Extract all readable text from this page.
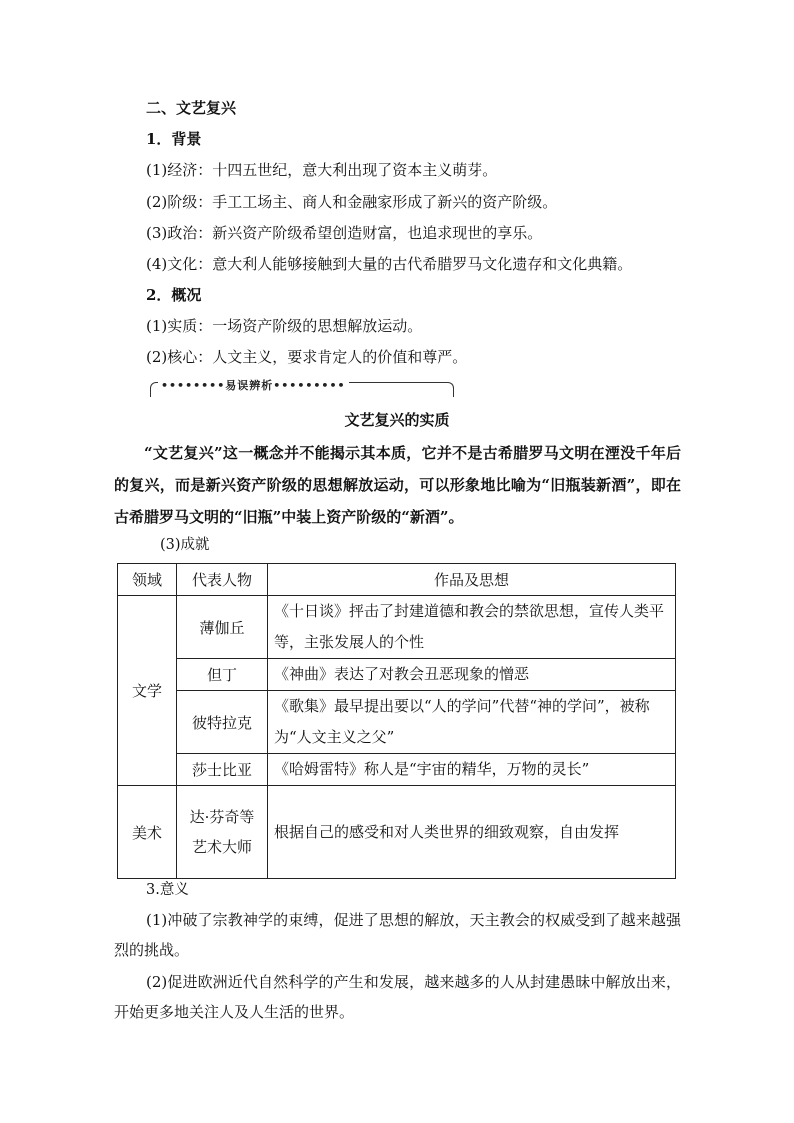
二、文艺复兴
1．背景
(1)经济：十四五世纪，意大利出现了资本主义萌芽。
(2)阶级：手工工场主、商人和金融家形成了新兴的资产阶级。
(3)政治：新兴资产阶级希望创造财富，也追求现世的享乐。
(4)文化：意大利人能够接触到大量的古代希腊罗马文化遗存和文化典籍。
2．概况
(1)实质：一场资产阶级的思想解放运动。
(2)核心：人文主义，要求肯定人的价值和尊严。
••••••••易误辨析•••••••••
文艺复兴的实质
“文艺复兴”这一概念并不能揭示其本质，它并不是古希腊罗马文明在湮没千年后的复兴，而是新兴资产阶级的思想解放运动，可以形象地比喻为“旧瓶装新酒”，即在古希腊罗马文明的“旧瓶”中装上资产阶级的“新酒”。
(3)成就
领域	代表人物	作品及思想
文学	薄伽丘	《十日谈》抨击了封建道德和教会的禁欲思想，宣传人类平等，主张发展人的个性
	但丁	《神曲》表达了对教会丑恶现象的憎恶
	彼特拉克	《歌集》最早提出要以“人的学问”代替“神的学问”，被称为“人文主义之父”
	莎士比亚	《哈姆雷特》称人是“宇宙的精华，万物的灵长”
美术	达·芬奇等艺术大师	根据自己的感受和对人类世界的细致观察，自由发挥
3.意义
(1)冲破了宗教神学的束缚，促进了思想的解放，天主教会的权威受到了越来越强烈的挑战。
(2)促进欧洲近代自然科学的产生和发展，越来越多的人从封建愚昧中解放出来，开始更多地关注人及人生活的世界。
